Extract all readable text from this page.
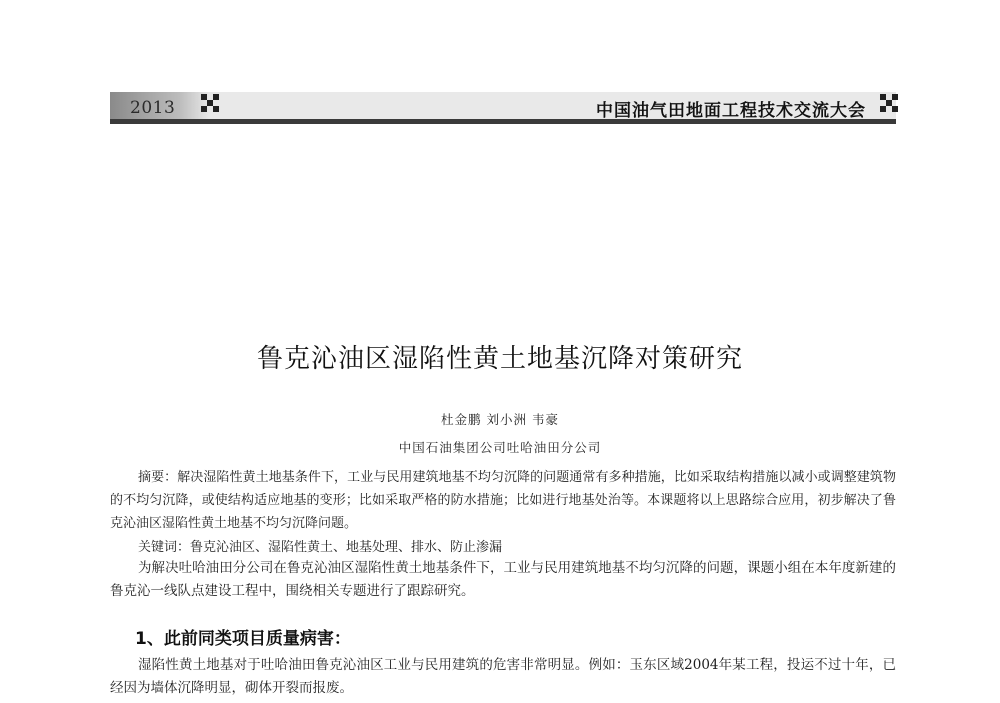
2013	中国油气田地面工程技术交流大会
鲁克沁油区湿陷性黄土地基沉降对策研究
杜金鹏 刘小洲 韦豪
中国石油集团公司吐哈油田分公司

摘要：解决湿陷性黄土地基条件下，工业与民用建筑地基不均匀沉降的问题通常有多种措施，比如采取结构措施以减小或调整建筑物的不均匀沉降，或使结构适应地基的变形；比如采取严格的防水措施；比如进行地基处治等。本课题将以上思路综合应用，初步解决了鲁克沁油区湿陷性黄土地基不均匀沉降问题。

关键词：鲁克沁油区、湿陷性黄土、地基处理、排水、防止渗漏

为解决吐哈油田分公司在鲁克沁油区湿陷性黄土地基条件下，工业与民用建筑地基不均匀沉降的问题，课题小组在本年度新建的鲁克沁一线队点建设工程中，围绕相关专题进行了跟踪研究。

1、此前同类项目质量病害：

湿陷性黄土地基对于吐哈油田鲁克沁油区工业与民用建筑的危害非常明显。例如：玉东区域2004年某工程，投运不过十年，已经因为墙体沉降明显，砌体开裂而报废。
